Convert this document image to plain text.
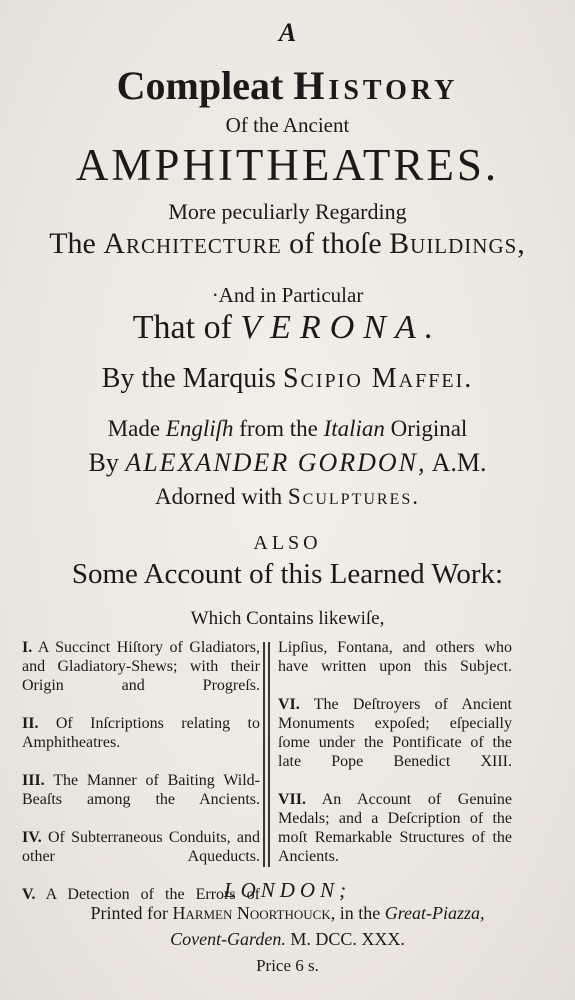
A
Compleat History
Of the Ancient
AMPHITHEATRES.
More peculiarly Regarding
The Architecture of thoſe Buildings,
·And in Particular
That of VERONA.
By the Marquis Scipio Maffei.
Made Engliſh from the Italian Original
By ALEXANDER GORDON, A.M.
Adorned with Sculptures.
ALSO
Some Account of this Learned Work:
Which Contains likewiſe,

I. A Succinct Hiſtory of Gladiators, and Gladiatory-Shews; with their Origin and Progreſs.

II. Of Inſcriptions relating to Amphitheatres.

III. The Manner of Baiting Wild-Beaſts among the Ancients.

IV. Of Subterraneous Conduits, and other Aqueducts.

V. A Detection of the Errors of

Lipſius, Fontana, and others who have written upon this Subject.

VI. The Deſtroyers of Ancient Monuments expoſed; eſpecially ſome under the Pontificate of the late Pope Benedict XIII.

VII. An Account of Genuine Medals; and a Deſcription of the moſt Remarkable Structures of the Ancients.

LONDON;
Printed for Harmen Noorthouck, in the Great-Piazza,
Covent-Garden. M. DCC. XXX.
Price 6 s.
